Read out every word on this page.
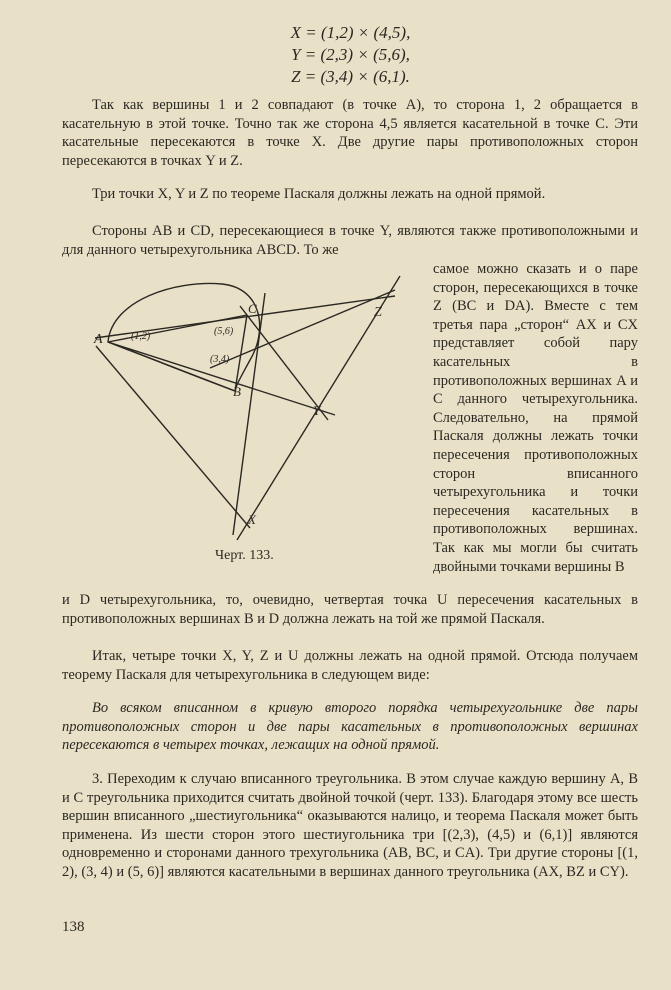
X = (1,2) × (4,5),
Y = (2,3) × (5,6),
Z = (3,4) × (6,1).

Так как вершины 1 и 2 совпадают (в точке A), то сторона 1, 2 обращается в касательную в этой точке. Точно так же сторона 4,5 является касательной в точке C. Эти касательные пересекаются в точке X. Две другие пары противоположных сторон пересекаются в точках Y и Z.

Три точки X, Y и Z по теореме Паскаля должны лежать на одной прямой.

Стороны AB и CD, пересекающиеся в точке Y, являются также противоположными и для данного четырехугольника ABCD. То же

самое можно сказать и о паре сторон, пересекающихся в точке Z (BC и DA). Вместе с тем третья пара „сторон“ AX и CX представляет собой пару касательных в противоположных вершинах A и C данного четырехугольника. Следовательно, на прямой Паскаля должны лежать точки пересечения противоположных сторон вписанного четырехугольника и точки пересечения касательных в противоположных вершинах. Так как мы могли бы считать двойными точками вершины B

и D четырехугольника, то, очевидно, четвертая точка U пересечения касательных в противоположных вершинах B и D должна лежать на той же прямой Паскаля.

Итак, четыре точки X, Y, Z и U должны лежать на одной прямой. Отсюда получаем теорему Паскаля для четырехугольника в следующем виде:

Во всяком вписанном в кривую второго порядка четырехугольнике две пары противоположных сторон и две пары касательных в противоположных вершинах пересекаются в четырех точках, лежащих на одной прямой.

3. Переходим к случаю вписанного треугольника. В этом случае каждую вершину A, B и C треугольника приходится считать двойной точкой (черт. 133). Благодаря этому все шесть вершин вписанного „шестиугольника“ оказываются налицо, и теорема Паскаля может быть применена. Из шести сторон этого шестиугольника три [(2,3), (4,5) и (6,1)] являются одновременно и сторонами данного трехугольника (AB, BC, и CA). Три другие стороны [(1, 2), (3, 4) и (5, 6)] являются касательными в вершинах данного треугольника (AX, BZ и CY).

A
B
C
X
Y
Z
(1,2)	(5,6)
(3,4)
Черт. 133.
138
